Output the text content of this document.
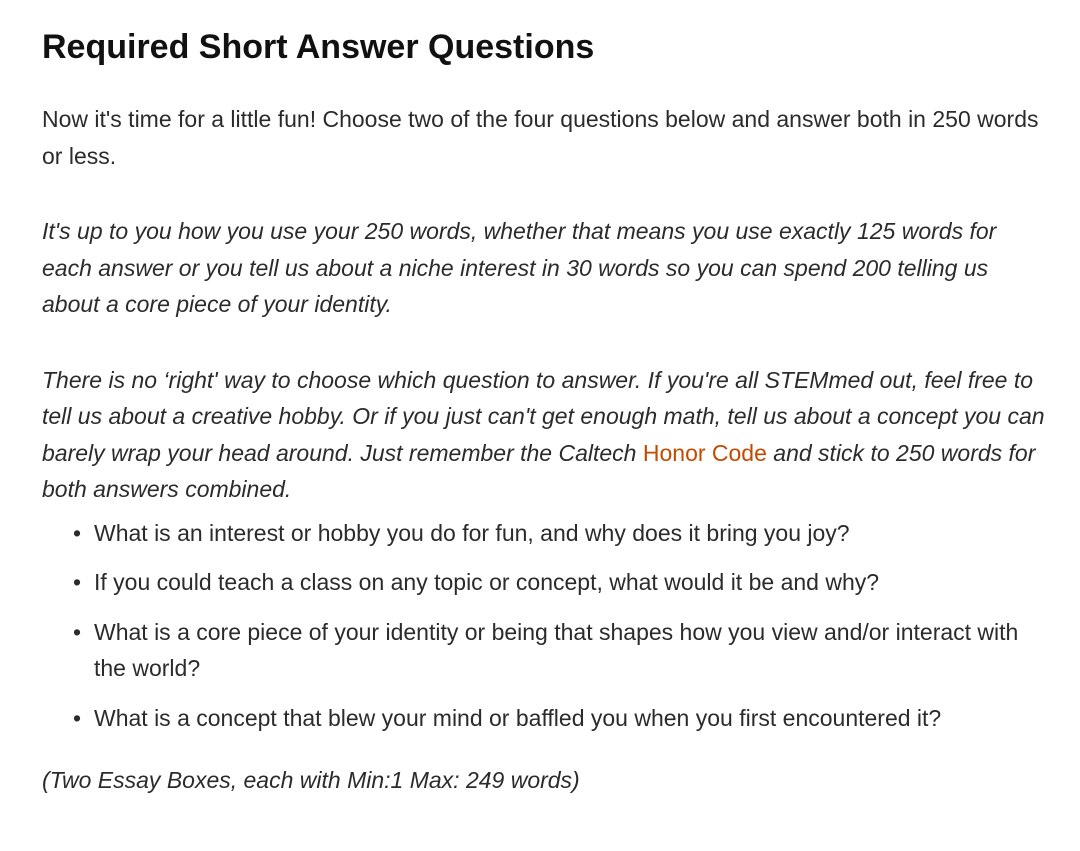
Required Short Answer Questions

Now it's time for a little fun! Choose two of the four questions below and answer both in 250 words or less.

It's up to you how you use your 250 words, whether that means you use exactly 125 words for each answer or you tell us about a niche interest in 30 words so you can spend 200 telling us about a core piece of your identity.

There is no ‘right' way to choose which question to answer. If you're all STEMmed out, feel free to tell us about a creative hobby. Or if you just can't get enough math, tell us about a concept you can barely wrap your head around. Just remember the Caltech Honor Code and stick to 250 words for both answers combined.

• What is an interest or hobby you do for fun, and why does it bring you joy?
• If you could teach a class on any topic or concept, what would it be and why?
• What is a core piece of your identity or being that shapes how you view and/or interact with the world?
• What is a concept that blew your mind or baffled you when you first encountered it?

(Two Essay Boxes, each with Min:1 Max: 249 words)
